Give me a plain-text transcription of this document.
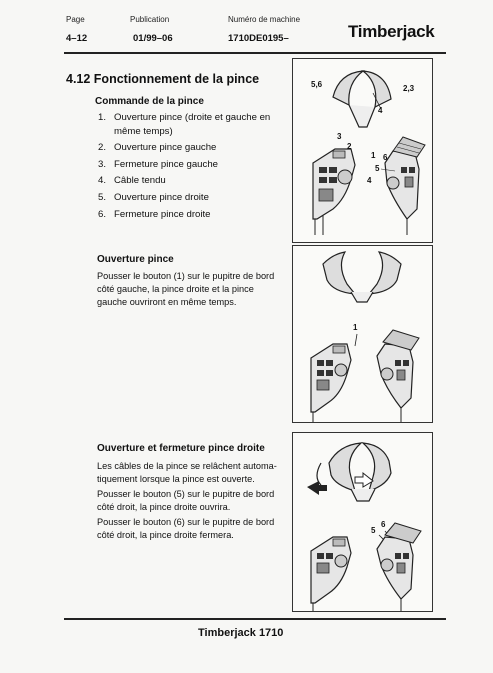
Page
4–12
Publication
01/99–06
Numéro de machine
1710DE0195–	Timberjack
4.12 Fonctionnement de la pince
Commande de la pince
1. Ouverture pince (droite et gauche en
même temps)
2. Ouverture pince gauche
3. Fermeture pince gauche
4. Câble tendu
5. Ouverture pince droite
6. Fermeture pince droite
Ouverture pince
Pousser le bouton (1) sur le pupitre de bord
côté gauche, la pince droite et la pince
gauche ouvriront en même temps.
Ouverture et fermeture pince droite
Les câbles de la pince se relâchent automa-
tiquement lorsque la pince est ouverte.
Pousser le bouton (5) sur le pupitre de bord
côté droit, la pince droite ouvrira.
Pousser le bouton (6) sur le pupitre de bord
côté droit, la pince droite fermera.
5,6	2,3
4
3
2
1 6
5
4
1
5
6
Timberjack 1710
